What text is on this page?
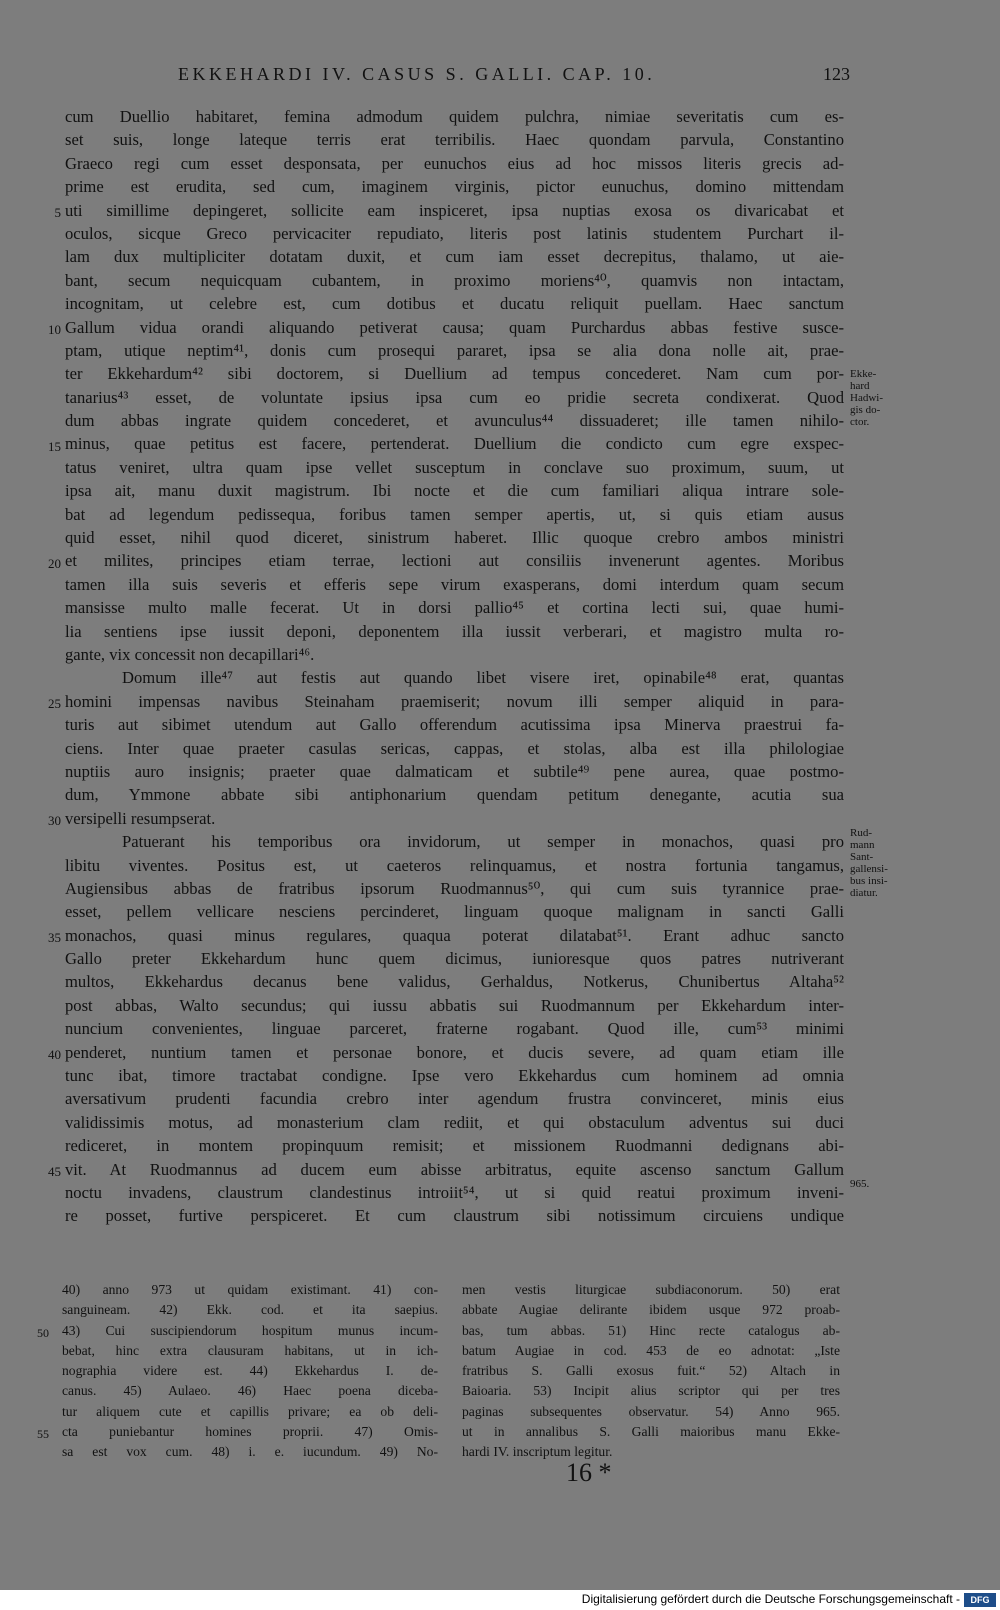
EKKEHARDI IV. CASUS S. GALLI. CAP. 10.	123
cum Duellio habitaret, femina admodum quidem pulchra, nimiae severitatis cum es-
set suis, longe lateque terris erat terribilis. Haec quondam parvula, Constantino
Graeco regi cum esset desponsata, per eunuchos eius ad hoc missos literis grecis ad-
prime est erudita, sed cum, imaginem virginis, pictor eunuchus, domino mittendam
uti simillime depingeret, sollicite eam inspiceret, ipsa nuptias exosa os divaricabat et
5
oculos, sicque Greco pervicaciter repudiato, literis post latinis studentem Purchart il-
lam dux multipliciter dotatam duxit, et cum iam esset decrepitus, thalamo, ut aie-
bant, secum nequicquam cubantem, in proximo moriens⁴⁰, quamvis non intactam,
incognitam, ut celebre est, cum dotibus et ducatu reliquit puellam. Haec sanctum
Gallum vidua orandi aliquando petiverat causa; quam Purchardus abbas festive susce-
10
ptam, utique neptim⁴¹, donis cum prosequi pararet, ipsa se alia dona nolle ait, prae-
ter Ekkehardum⁴² sibi doctorem, si Duellium ad tempus concederet. Nam cum por-
tanarius⁴³ esset, de voluntate ipsius ipsa cum eo pridie secreta condixerat. Quod
dum abbas ingrate quidem concederet, et avunculus⁴⁴ dissuaderet; ille tamen nihilo-
minus, quae petitus est facere, pertenderat. Duellium die condicto cum egre exspec-
15
tatus veniret, ultra quam ipse vellet susceptum in conclave suo proximum, suum, ut
ipsa ait, manu duxit magistrum. Ibi nocte et die cum familiari aliqua intrare sole-
bat ad legendum pedissequa, foribus tamen semper apertis, ut, si quis etiam ausus
quid esset, nihil quod diceret, sinistrum haberet. Illic quoque crebro ambos ministri
et milites, principes etiam terrae, lectioni aut consiliis invenerunt agentes. Moribus
20
tamen illa suis severis et efferis sepe virum exasperans, domi interdum quam secum
mansisse multo malle fecerat. Ut in dorsi pallio⁴⁵ et cortina lecti sui, quae humi-
lia sentiens ipse iussit deponi, deponentem illa iussit verberari, et magistro multa ro-
gante, vix concessit non decapillari⁴⁶.
Domum ille⁴⁷ aut festis aut quando libet visere iret, opinabile⁴⁸ erat, quantas
homini impensas navibus Steinaham praemiserit; novum illi semper aliquid in para-
25
turis aut sibimet utendum aut Gallo offerendum acutissima ipsa Minerva praestrui fa-
ciens. Inter quae praeter casulas sericas, cappas, et stolas, alba est illa philologiae
nuptiis auro insignis; praeter quae dalmaticam et subtile⁴⁹ pene aurea, quae postmo-
dum, Ymmone abbate sibi antiphonarium quendam petitum denegante, acutia sua
versipelli resumpserat.
30
Patuerant his temporibus ora invidorum, ut semper in monachos, quasi pro
libitu viventes. Positus est, ut caeteros relinquamus, et nostra fortunia tangamus,
Augiensibus abbas de fratribus ipsorum Ruodmannus⁵⁰, qui cum suis tyrannice prae-
esset, pellem vellicare nesciens percinderet, linguam quoque malignam in sancti Galli
monachos, quasi minus regulares, quaqua poterat dilatabat⁵¹. Erant adhuc sancto
35
Gallo preter Ekkehardum hunc quem dicimus, iunioresque quos patres nutriverant
multos, Ekkehardus decanus bene validus, Gerhaldus, Notkerus, Chunibertus Altaha⁵²
post abbas, Walto secundus; qui iussu abbatis sui Ruodmannum per Ekkehardum inter-
nuncium convenientes, linguae parceret, fraterne rogabant. Quod ille, cum⁵³ minimi
penderet, nuntium tamen et personae bonore, et ducis severe, ad quam etiam ille
40
tunc ibat, timore tractabat condigne. Ipse vero Ekkehardus cum hominem ad omnia
aversativum prudenti facundia crebro inter agendum frustra convinceret, minis eius
validissimis motus, ad monasterium clam rediit, et qui obstaculum adventus sui duci
rediceret, in montem propinquum remisit; et missionem Ruodmanni dedignans abi-
vit. At Ruodmannus ad ducem eum abisse arbitratus, equite ascenso sanctum Gallum
45
noctu invadens, claustrum clandestinus introiit⁵⁴, ut si quid reatui proximum inveni-
re posset, furtive perspiceret. Et cum claustrum sibi notissimum circuiens undique
Ekke-
hard
Hadwi-
gis do-
ctor.
Rud-
mann
Sant-
gallensi-
bus insi-
diatur.
965.
40) anno 973 ut quidam existimant. 41) con-
sanguineam. 42) Ekk. cod. et ita saepius.
43) Cui suscipiendorum hospitum munus incum-
50
bebat, hinc extra clausuram habitans, ut in ich-
nographia videre est. 44) Ekkehardus I. de-
canus. 45) Aulaeo. 46) Haec poena diceba-
tur aliquem cute et capillis privare; ea ob deli-
cta puniebantur homines proprii. 47) Omis-
55
sa est vox cum. 48) i. e. iucundum. 49) No-
men vestis liturgicae subdiaconorum. 50) erat
abbate Augiae delirante ibidem usque 972 proab-
bas, tum abbas. 51) Hinc recte catalogus ab-
batum Augiae in cod. 453 de eo adnotat: „Iste
fratribus S. Galli exosus fuit.“ 52) Altach in
Baioaria. 53) Incipit alius scriptor qui per tres
paginas subsequentes observatur. 54) Anno 965.
ut in annalibus S. Galli maioribus manu Ekke-
hardi IV. inscriptum legitur.
16 *
Digitalisierung gefördert durch die Deutsche Forschungsgemeinschaft -	DFG
